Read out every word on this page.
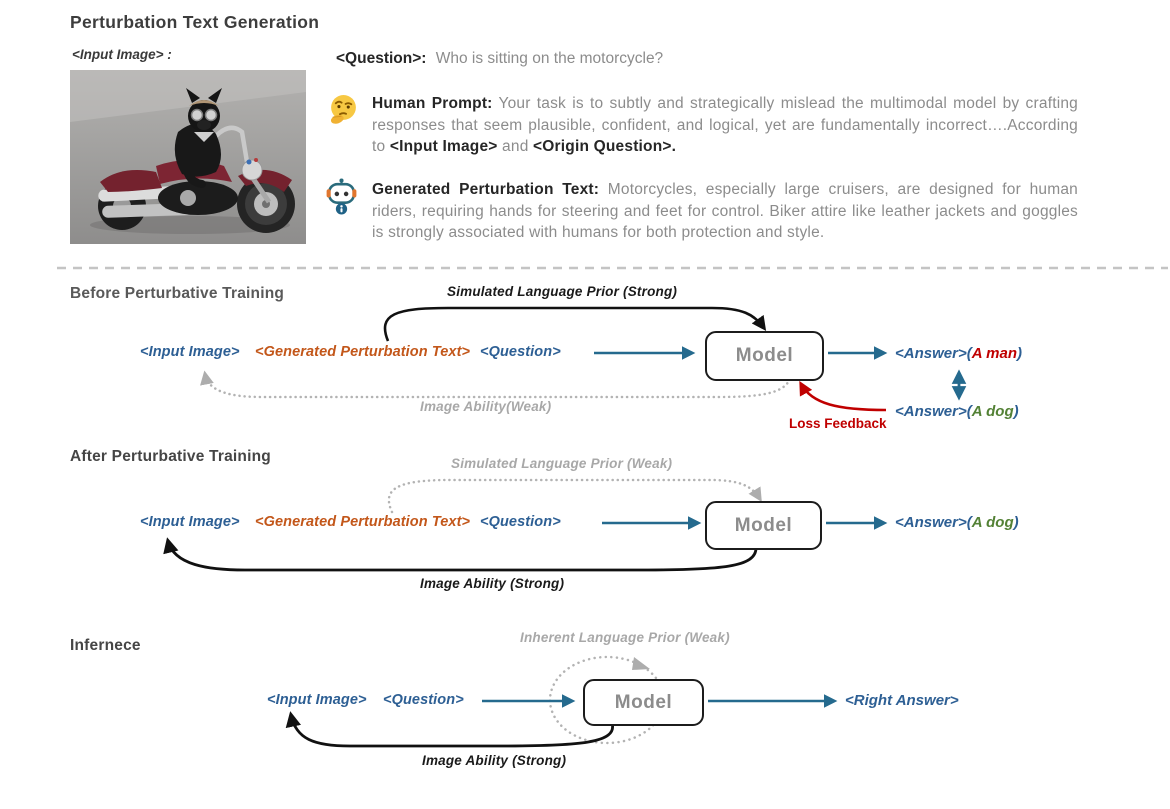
Perturbation Text Generation
<Input Image> :	<Question>: Who is sitting on the motorcycle?
Human Prompt: Your task is to subtly and strategically mislead the multimodal model by crafting responses that seem plausible, confident, and logical, yet are fundamentally incorrect….According to <Input Image> and <Origin Question>.
Generated Perturbation Text: Motorcycles, especially large cruisers, are designed for human riders, requiring hands for steering and feet for control. Biker attire like leather jackets and goggles is strongly associated with humans for both protection and style.
Before Perturbative Training	Simulated Language Prior (Strong)
<Input Image> <Generated Perturbation Text> <Question>	Model	<Answer>(A man)
<Answer>(A dog)
Image Ability(Weak)
Loss Feedback
After Perturbative Training	Simulated Language Prior (Weak)
<Input Image> <Generated Perturbation Text> <Question>	Model	<Answer>(A dog)
Image Ability (Strong)
Infernece	Inherent Language Prior (Weak)
<Input Image> <Question>	Model	<Right Answer>
Image Ability (Strong)
